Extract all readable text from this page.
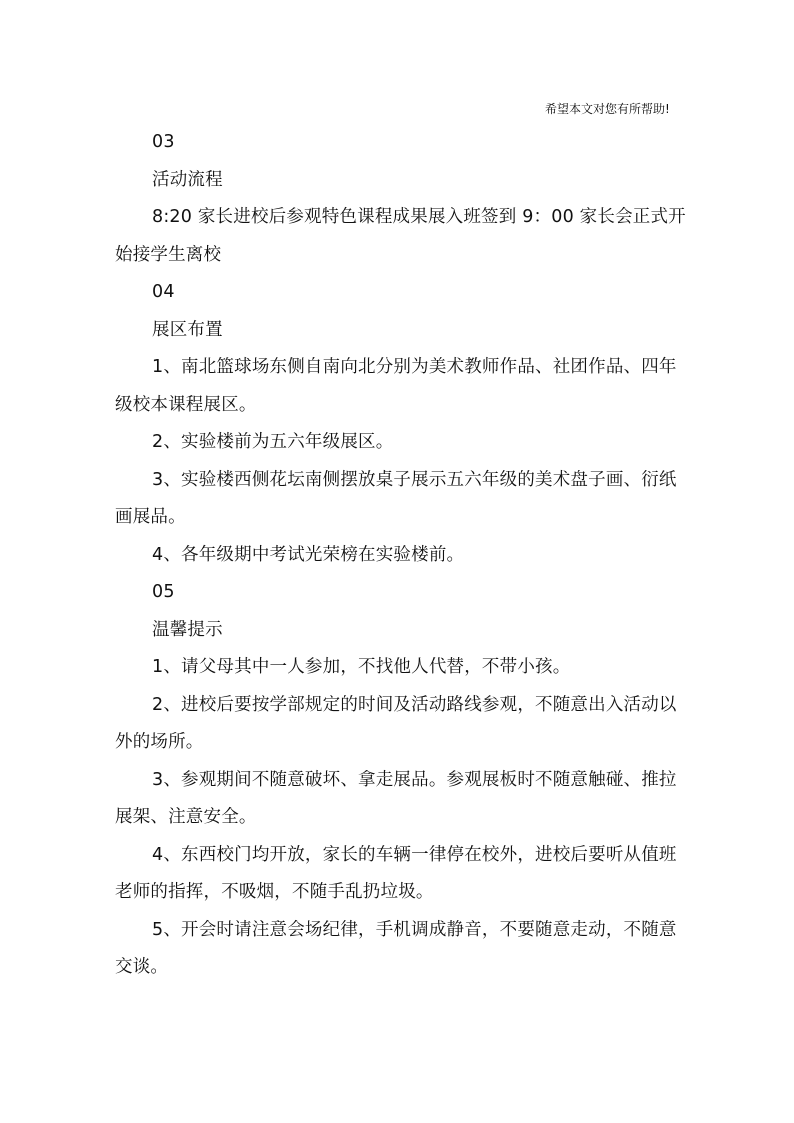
希望本文对您有所帮助!

03

活动流程

8:20 家长进校后参观特色课程成果展入班签到 9：00 家长会正式开始接学生离校

04

展区布置

1、南北篮球场东侧自南向北分别为美术教师作品、社团作品、四年级校本课程展区。

2、实验楼前为五六年级展区。

3、实验楼西侧花坛南侧摆放桌子展示五六年级的美术盘子画、衍纸画展品。

4、各年级期中考试光荣榜在实验楼前。

05

温馨提示

1、请父母其中一人参加，不找他人代替，不带小孩。

2、进校后要按学部规定的时间及活动路线参观，不随意出入活动以外的场所。

3、参观期间不随意破坏、拿走展品。参观展板时不随意触碰、推拉展架、注意安全。

4、东西校门均开放，家长的车辆一律停在校外，进校后要听从值班老师的指挥，不吸烟，不随手乱扔垃圾。

5、开会时请注意会场纪律，手机调成静音，不要随意走动，不随意交谈。
